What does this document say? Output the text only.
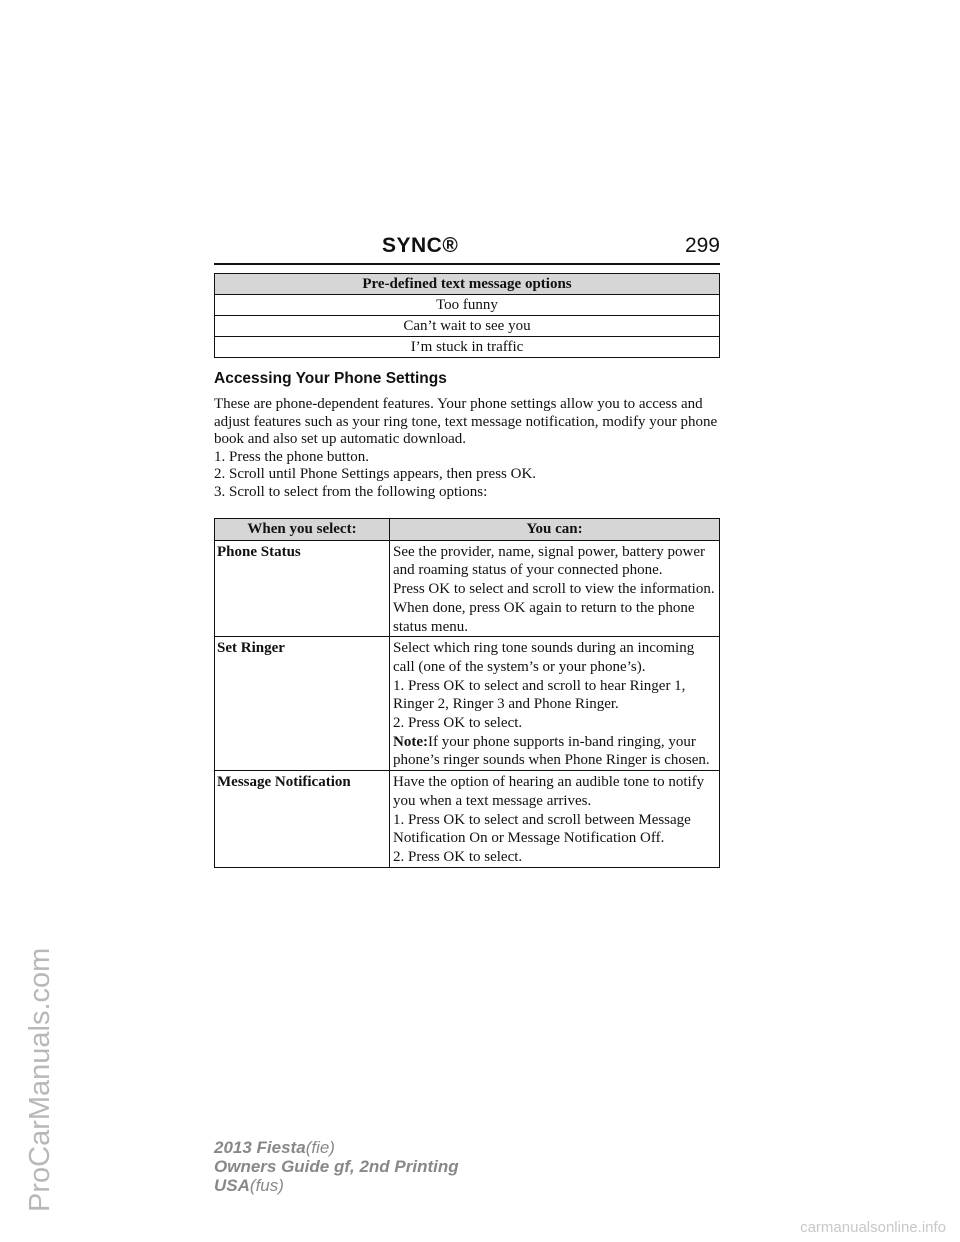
SYNC®	299
Pre-defined text message options
Too funny
Can’t wait to see you
I’m stuck in traffic
Accessing Your Phone Settings

These are phone-dependent features. Your phone settings allow you to access and adjust features such as your ring tone, text message notification, modify your phone book and also set up automatic download.

1. Press the phone button.

2. Scroll until Phone Settings appears, then press OK.

3. Scroll to select from the following options:

When you select:	You can:
Phone Status	See the provider, name, signal power, battery power and roaming status of your connected phone.

Press OK to select and scroll to view the information. When done, press OK again to return to the phone status menu.

Set Ringer	Select which ring tone sounds during an incoming call (one of the system’s or your phone’s).

1. Press OK to select and scroll to hear Ringer 1, Ringer 2, Ringer 3 and Phone Ringer.

2. Press OK to select.

Note:If your phone supports in-band ringing, your phone’s ringer sounds when Phone Ringer is chosen.

Message Notification	Have the option of hearing an audible tone to notify you when a text message arrives.

1. Press OK to select and scroll between Message Notification On or Message Notification Off.

2. Press OK to select.

2013 Fiesta(fie)
Owners Guide gf, 2nd Printing
USA(fus)
ProCarManuals.com
carmanualsonline.info
